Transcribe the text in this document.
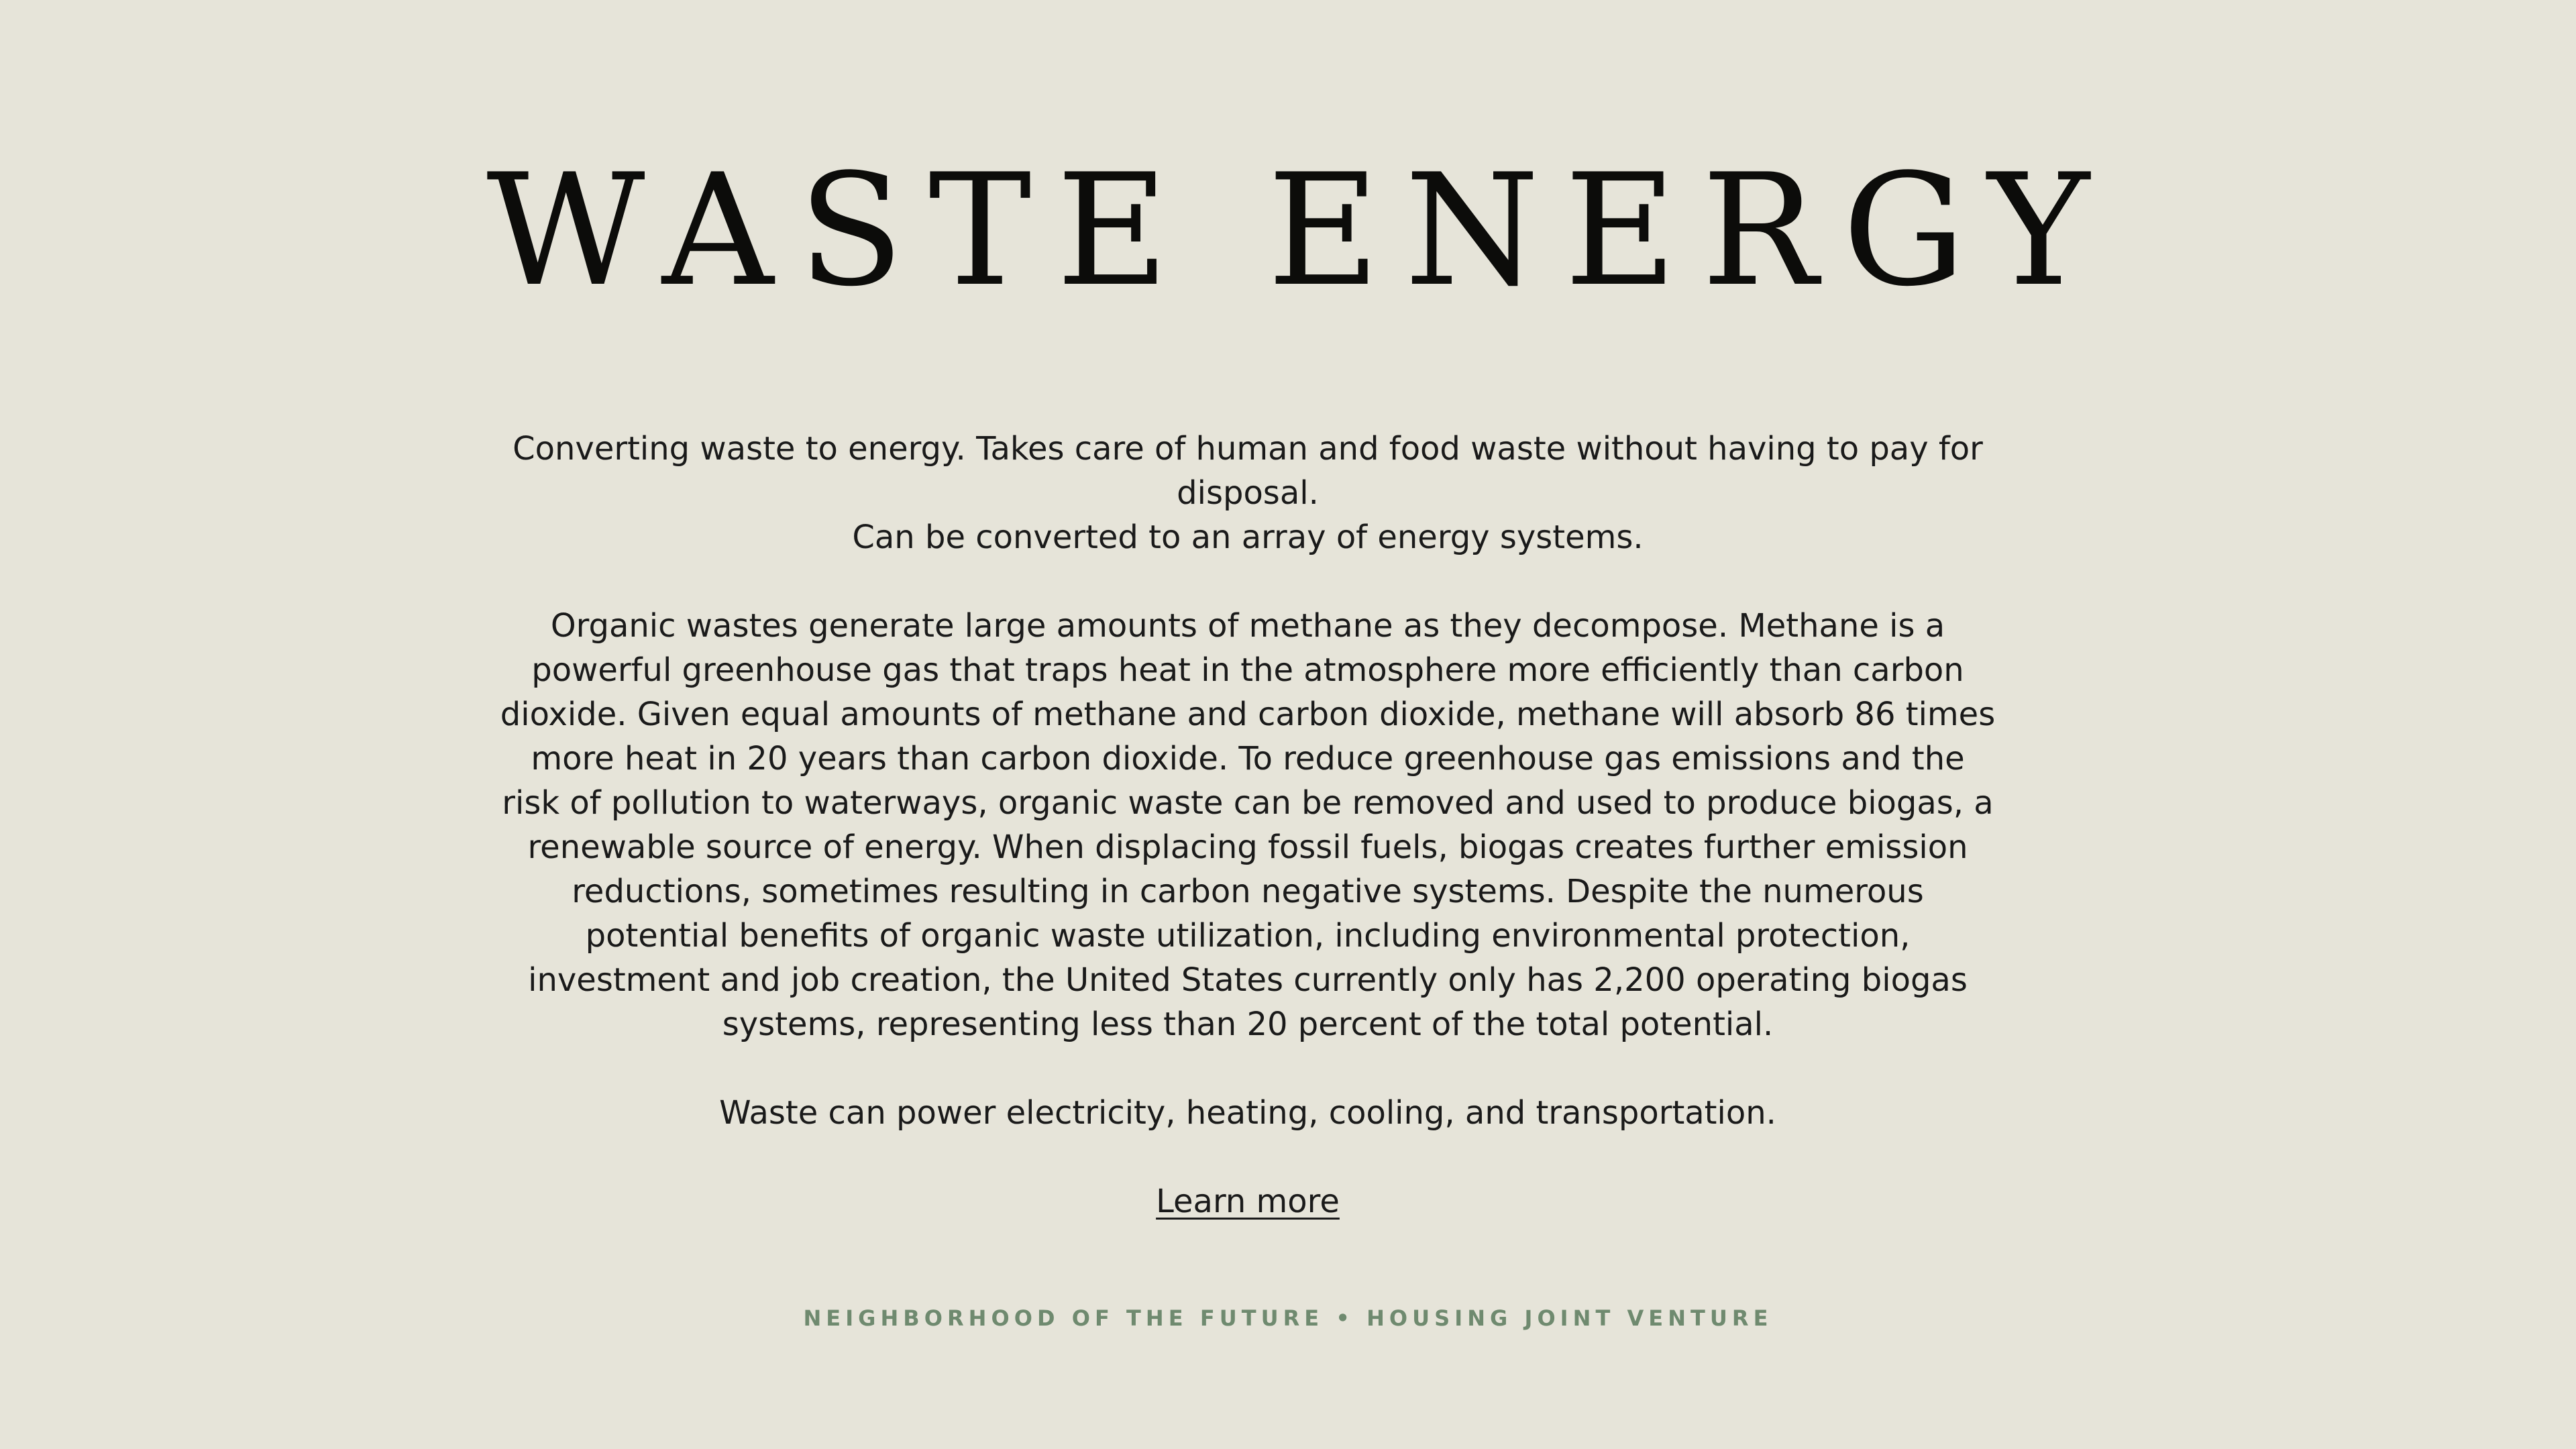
WASTE ENERGY

Converting waste to energy. Takes care of human and food waste without having to pay for disposal.
Can be converted to an array of energy systems.

Organic wastes generate large amounts of methane as they decompose. Methane is a powerful greenhouse gas that traps heat in the atmosphere more efficiently than carbon dioxide. Given equal amounts of methane and carbon dioxide, methane will absorb 86 times more heat in 20 years than carbon dioxide. To reduce greenhouse gas emissions and the risk of pollution to waterways, organic waste can be removed and used to produce biogas, a renewable source of energy. When displacing fossil fuels, biogas creates further emission reductions, sometimes resulting in carbon negative systems. Despite the numerous potential benefits of organic waste utilization, including environmental protection, investment and job creation, the United States currently only has 2,200 operating biogas systems, representing less than 20 percent of the total potential.

Waste can power electricity, heating, cooling, and transportation.

Learn more

NEIGHBORHOOD OF THE FUTURE • HOUSING JOINT VENTURE
